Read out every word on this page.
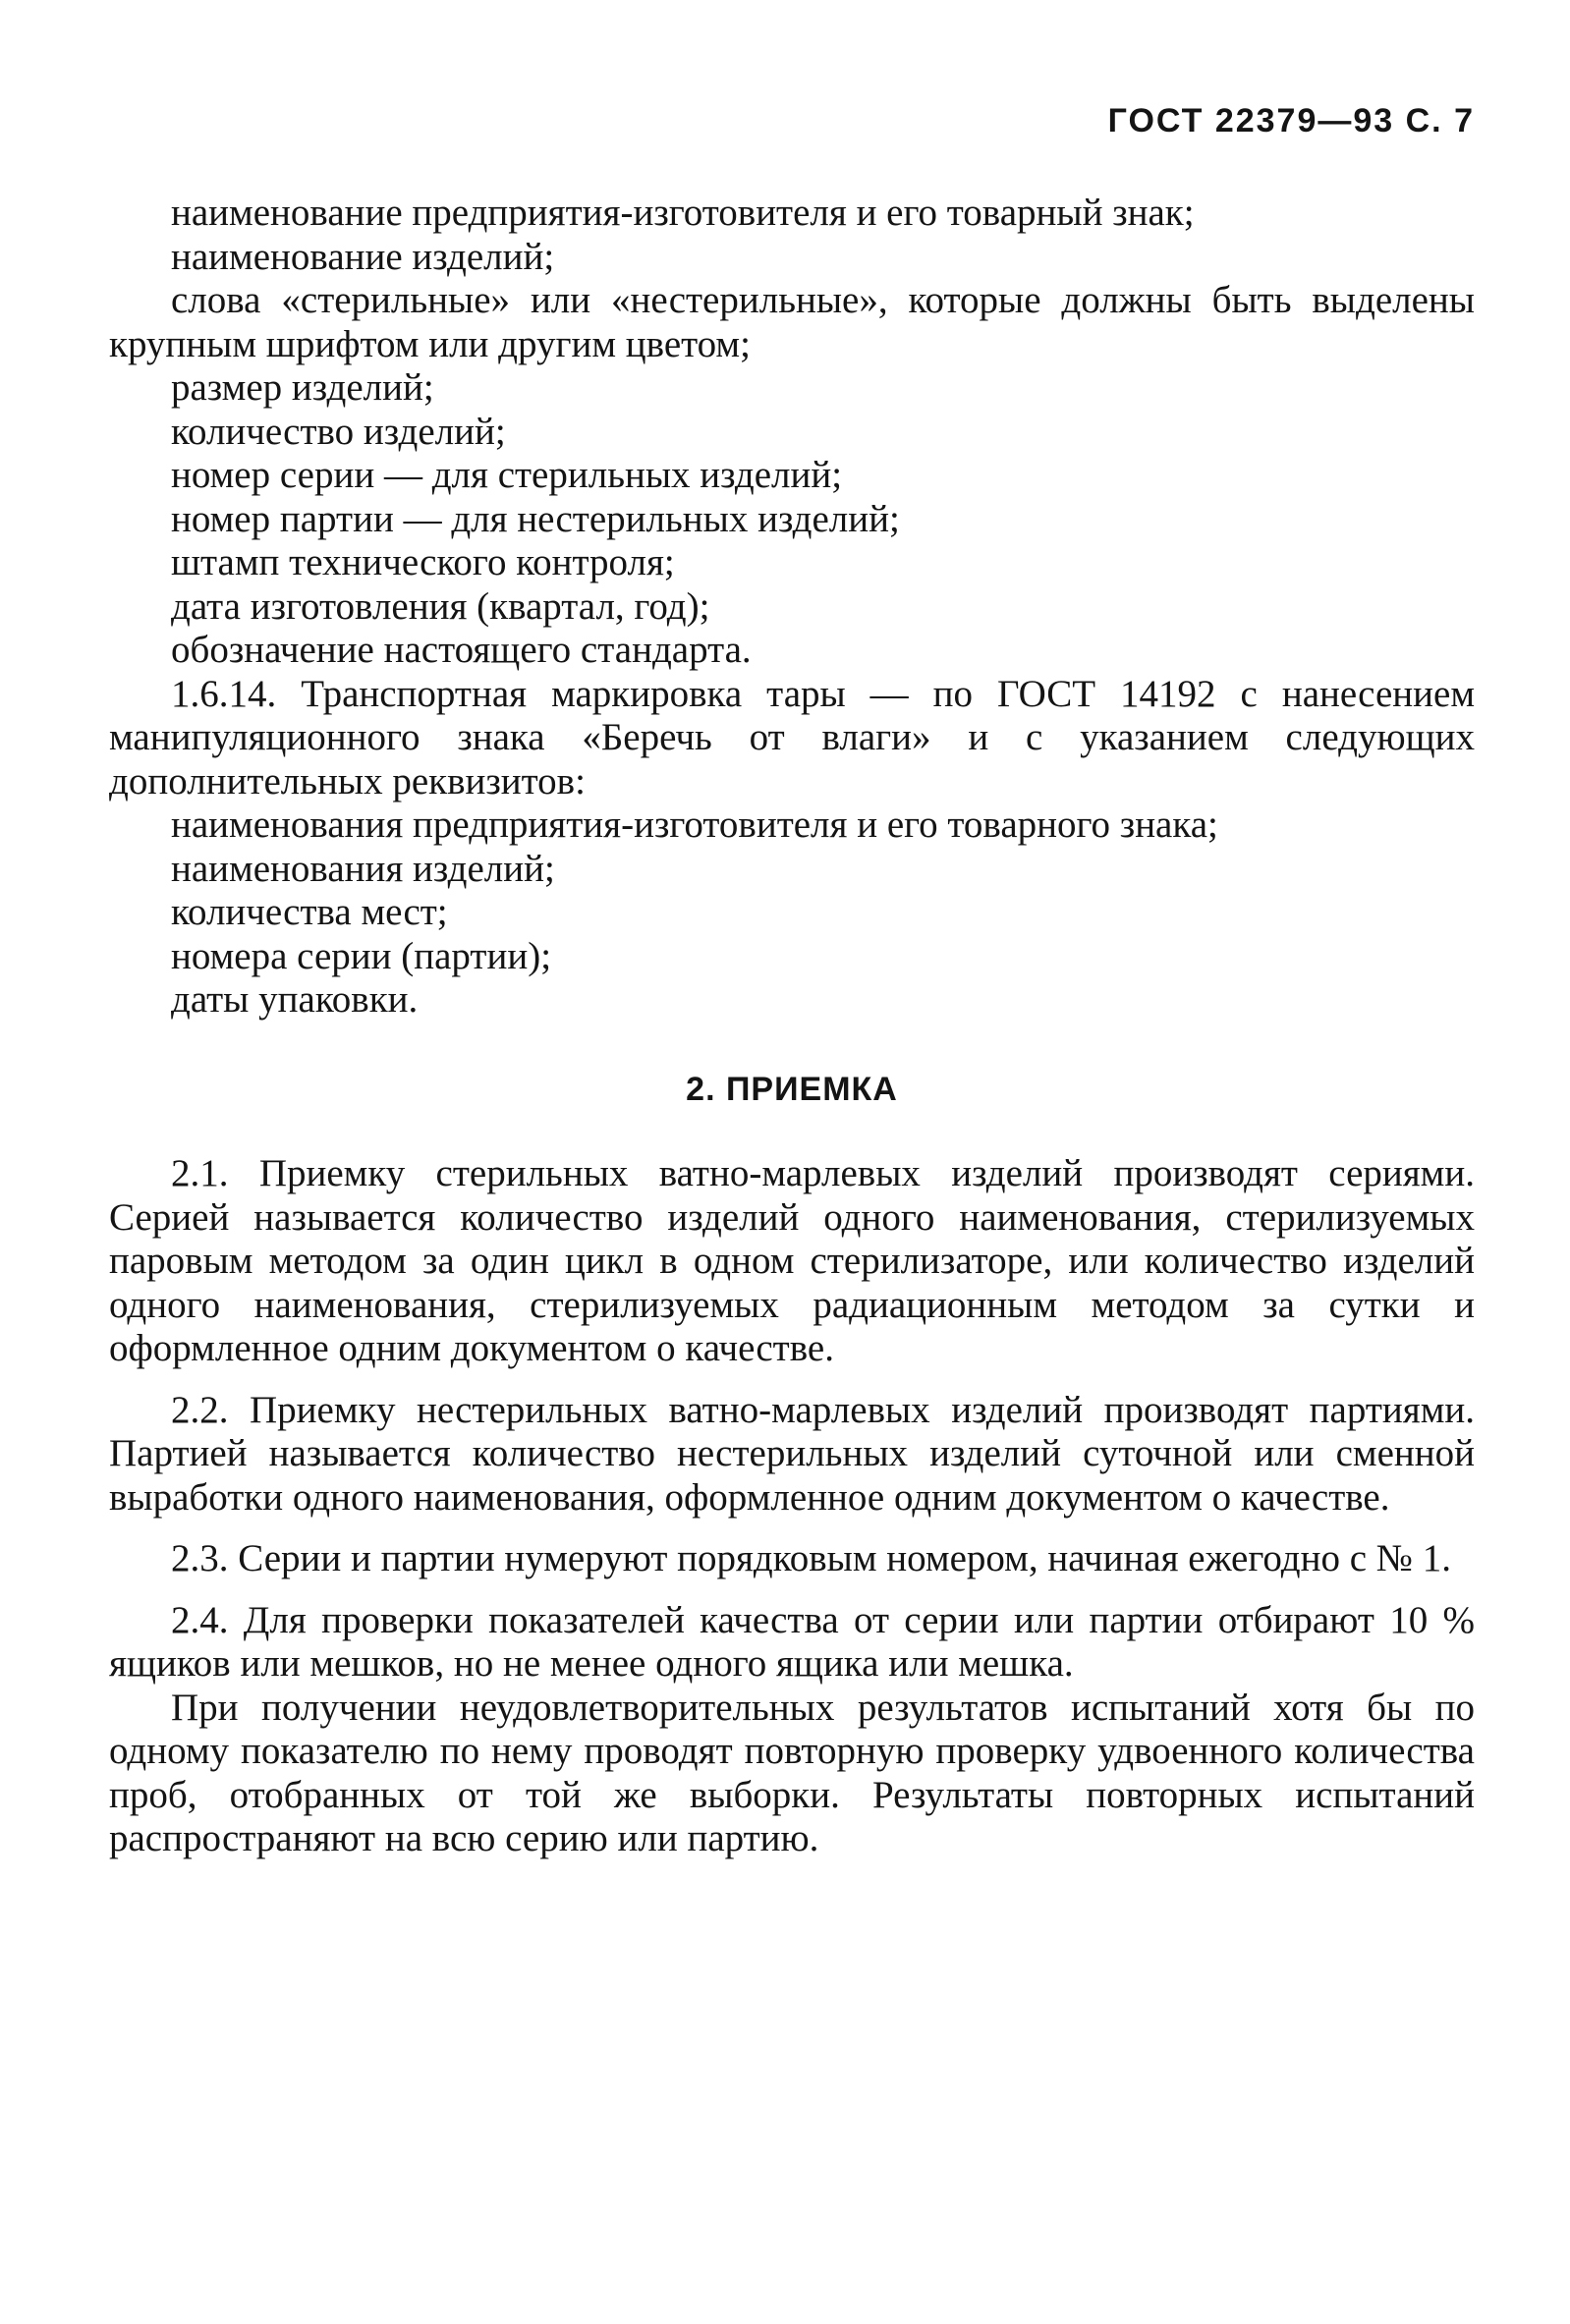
ГОСТ 22379—93 С. 7

наименование предприятия-изготовителя и его товарный знак;

наименование изделий;

слова «стерильные» или «нестерильные», которые должны быть выделены крупным шрифтом или другим цветом;

размер изделий;

количество изделий;

номер серии — для стерильных изделий;

номер партии — для нестерильных изделий;

штамп технического контроля;

дата изготовления (квартал, год);

обозначение настоящего стандарта.

1.6.14. Транспортная маркировка тары — по ГОСТ 14192 с нанесением манипуляционного знака «Беречь от влаги» и с указанием следующих дополнительных реквизитов:

наименования предприятия-изготовителя и его товарного знака;

наименования изделий;

количества мест;

номера серии (партии);

даты упаковки.

2. ПРИЕМКА

2.1. Приемку стерильных ватно-марлевых изделий производят сериями. Серией называется количество изделий одного наименования, стерилизуемых паровым методом за один цикл в одном стерилизаторе, или количество изделий одного наименования, стерилизуемых радиационным методом за сутки и оформленное одним документом о качестве.

2.2. Приемку нестерильных ватно-марлевых изделий производят партиями. Партией называется количество нестерильных изделий суточной или сменной выработки одного наименования, оформленное одним документом о качестве.

2.3. Серии и партии нумеруют порядковым номером, начиная ежегодно с № 1.

2.4. Для проверки показателей качества от серии или партии отбирают 10 % ящиков или мешков, но не менее одного ящика или мешка.

При получении неудовлетворительных результатов испытаний хотя бы по одному показателю по нему проводят повторную проверку удвоенного количества проб, отобранных от той же выборки. Результаты повторных испытаний распространяют на всю серию или партию.
